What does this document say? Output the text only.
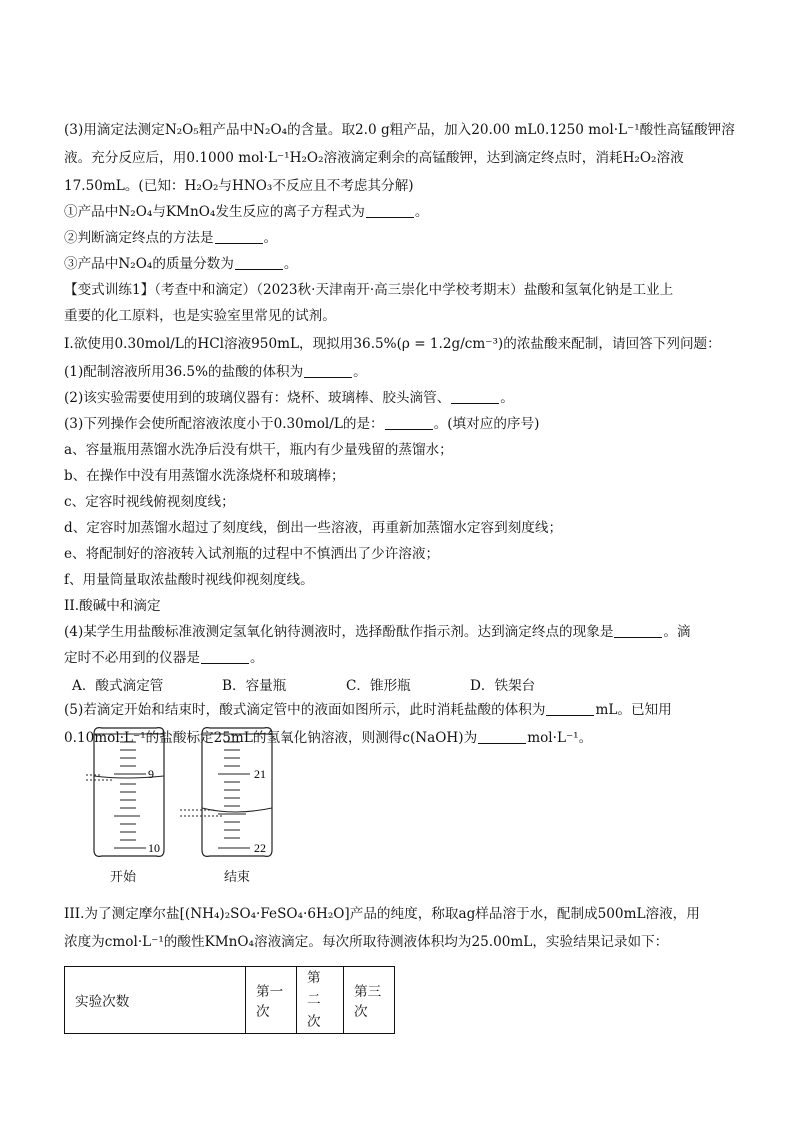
(3)用滴定法测定N₂O₅粗产品中N₂O₄的含量。取2.0 g粗产品，加入20.00 mL0.1250 mol·L⁻¹酸性高锰酸钾溶
液。充分反应后，用0.1000 mol·L⁻¹H₂O₂溶液滴定剩余的高锰酸钾，达到滴定终点时，消耗H₂O₂溶液
17.50mL。(已知：H₂O₂与HNO₃不反应且不考虑其分解)
①产品中N₂O₄与KMnO₄发生反应的离子方程式为	。
②判断滴定终点的方法是	。
③产品中N₂O₄的质量分数为	。
【变式训练1】（考查中和滴定）（2023秋·天津南开·高三崇化中学校考期末）盐酸和氢氧化钠是工业上
重要的化工原料，也是实验室里常见的试剂。
I.欲使用0.30mol/L的HCl溶液950mL，现拟用36.5%(ρ = 1.2g/cm⁻³)的浓盐酸来配制，请回答下列问题：
(1)配制溶液所用36.5%的盐酸的体积为	。
(2)该实验需要使用到的玻璃仪器有：烧杯、玻璃棒、胶头滴管、	。
(3)下列操作会使所配溶液浓度小于0.30mol/L的是：	。(填对应的序号)
a、容量瓶用蒸馏水洗净后没有烘干，瓶内有少量残留的蒸馏水；
b、在操作中没有用蒸馏水洗涤烧杯和玻璃棒；
c、定容时视线俯视刻度线；
d、定容时加蒸馏水超过了刻度线，倒出一些溶液，再重新加蒸馏水定容到刻度线；
e、将配制好的溶液转入试剂瓶的过程中不慎洒出了少许溶液；
f、用量筒量取浓盐酸时视线仰视刻度线。
II.酸碱中和滴定
(4)某学生用盐酸标准液测定氢氧化钠待测液时，选择酚酞作指示剂。达到滴定终点的现象是	。滴
定时不必用到的仪器是	。
A．酸式滴定管	B．容量瓶	C．锥形瓶	D．铁架台
(5)若滴定开始和结束时，酸式滴定管中的液面如图所示，此时消耗盐酸的体积为	mL。已知用
0.10mol·L⁻¹的盐酸标定25mL的氢氧化钠溶液，则测得c(NaOH)为	mol·L⁻¹。
9
10
21
22
开始	结束
III.为了测定摩尔盐[(NH₄)₂SO₄·FeSO₄·6H₂O]产品的纯度，称取ag样品溶于水，配制成500mL溶液，用
浓度为cmol·L⁻¹的酸性KMnO₄溶液滴定。每次所取待测液体积均为25.00mL，实验结果记录如下：
实验次数	第一次	第二次	第三次
